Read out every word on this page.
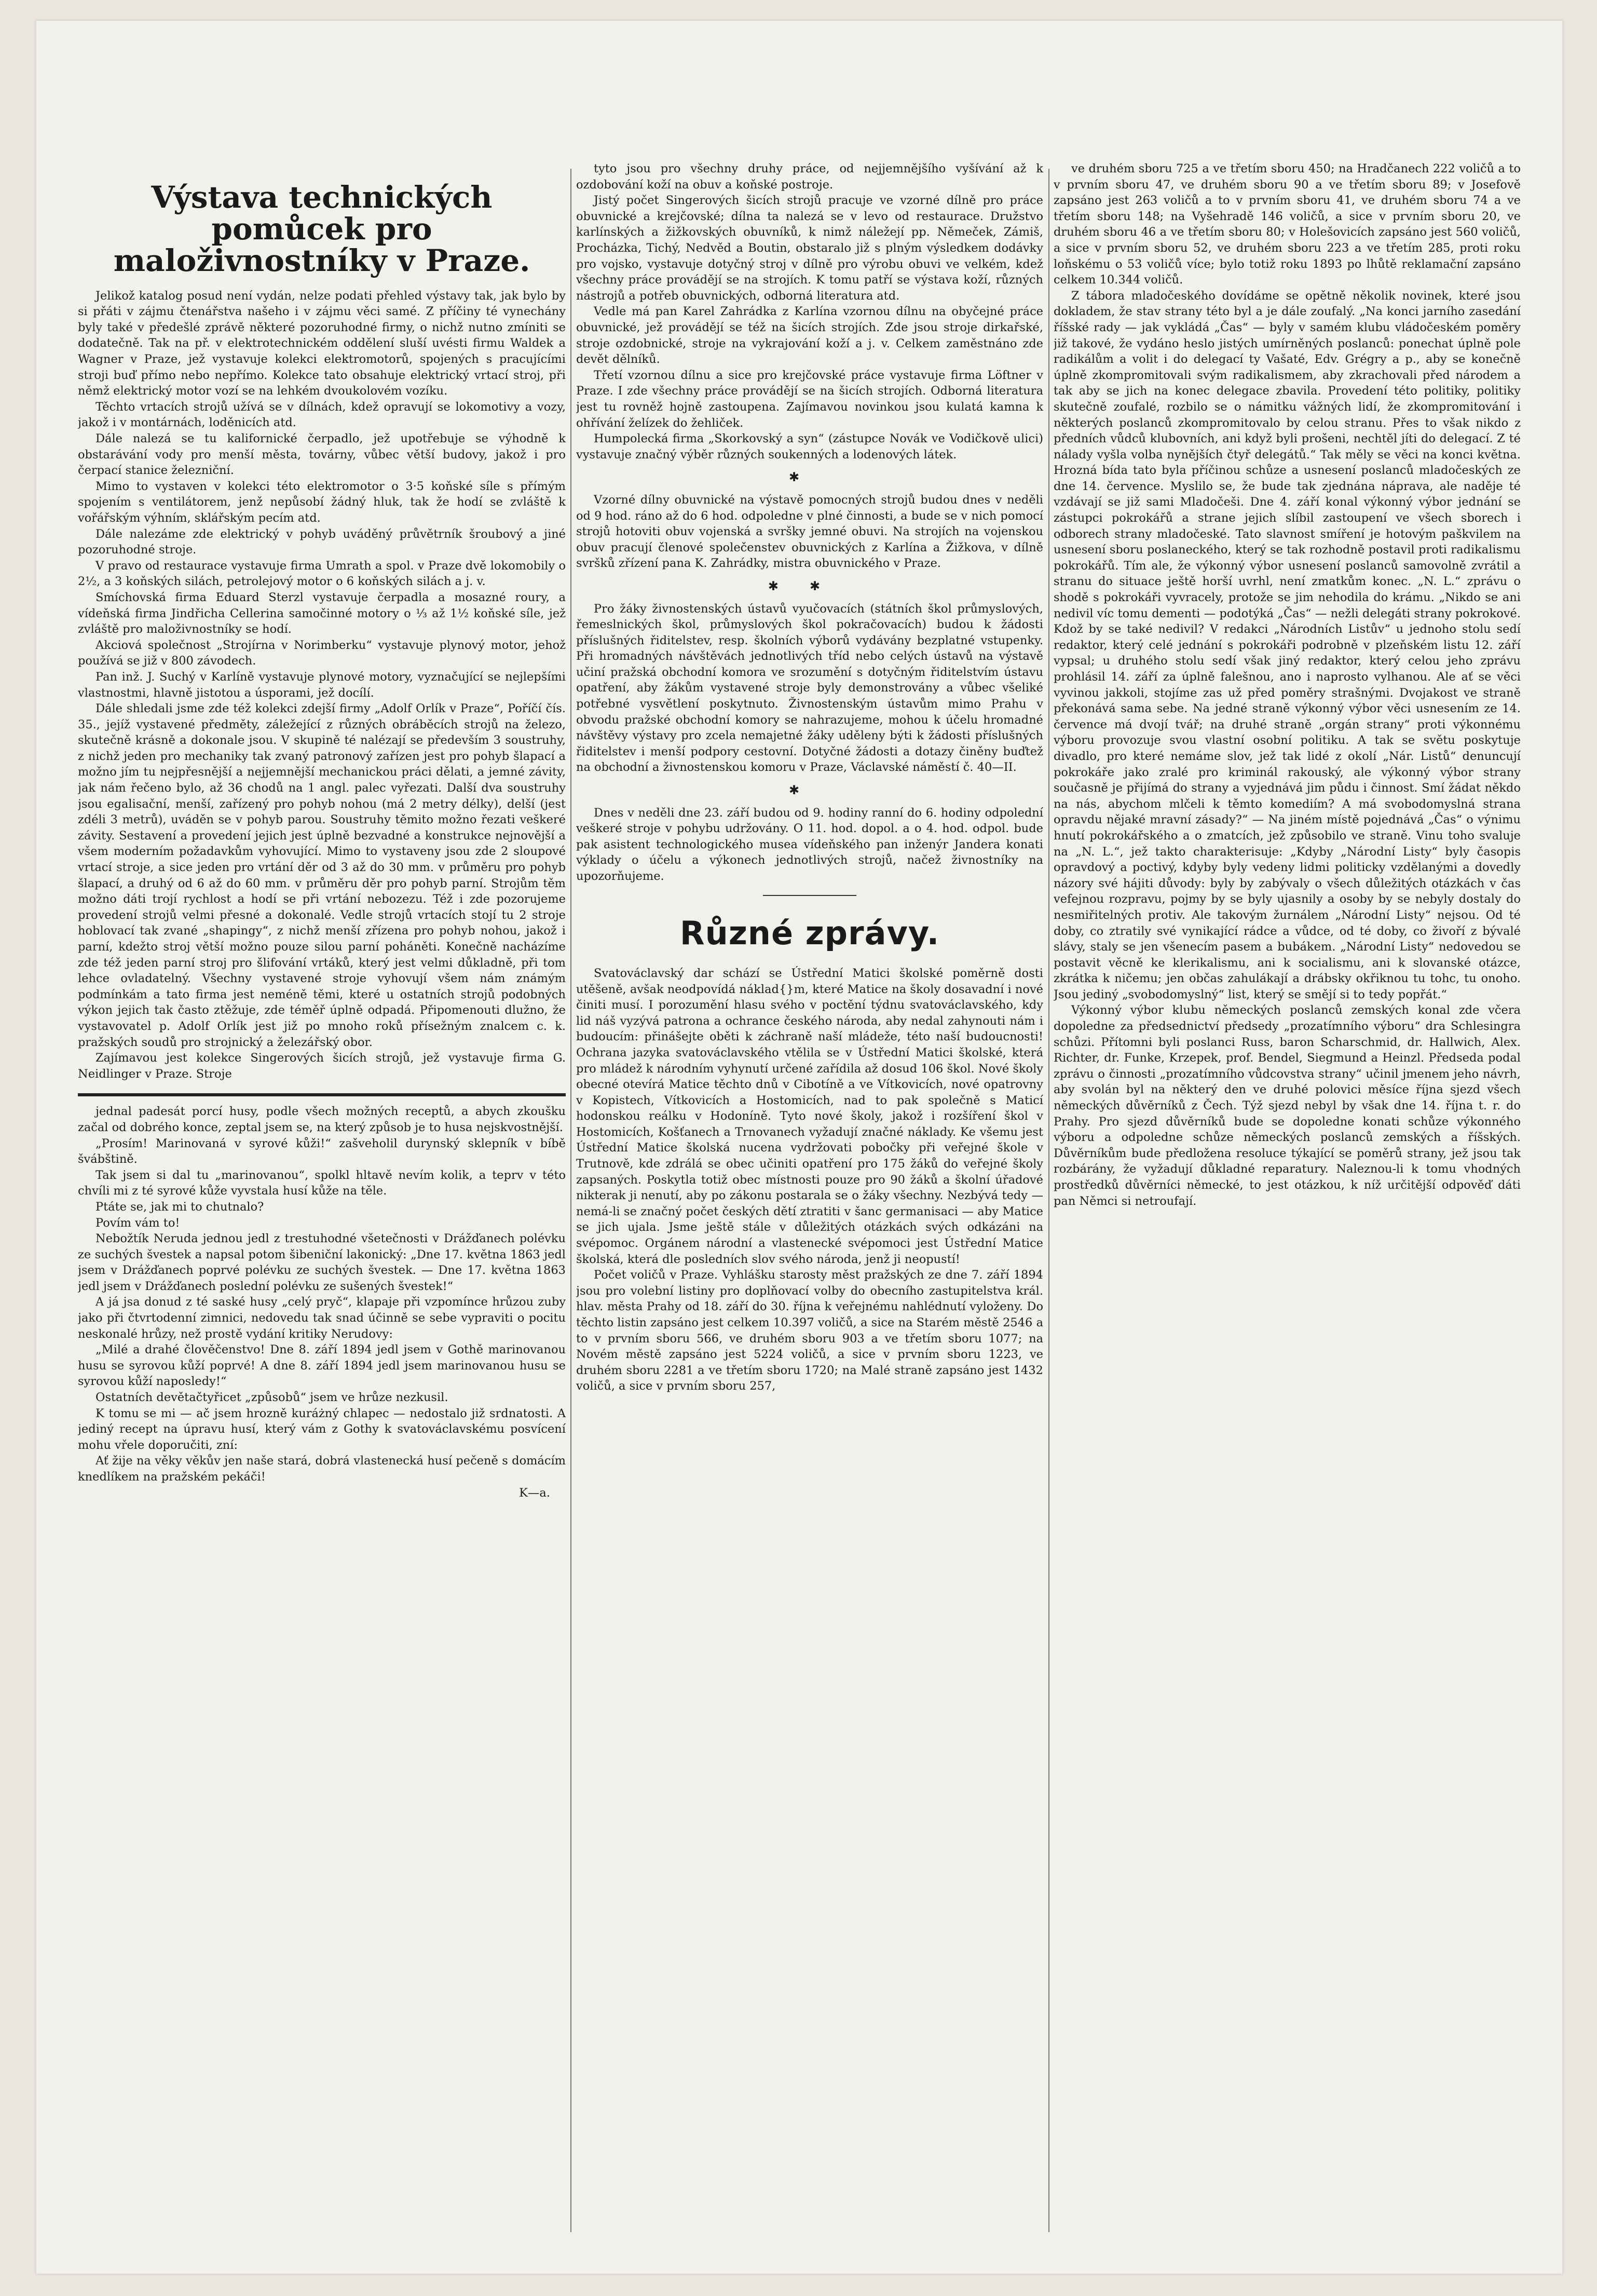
Výstava technických pomůcek pro maloživnostníky v Praze.

Jelikož katalog posud není vydán, nelze podati přehled výstavy tak, jak bylo by si přáti v zájmu čtenářstva našeho i v zájmu věci samé. Z příčiny té vynechány byly také v předešlé zprávě některé pozoruhodné firmy, o nichž nutno zmíniti se dodatečně. Tak na př. v elektrotechnickém oddělení sluší uvésti firmu Waldek a Wagner v Praze, jež vystavuje kolekci elektromotorů, spojených s pracujícími stroji buď přímo nebo nepřímo. Kolekce tato obsahuje elektrický vrtací stroj, při němž elektrický motor vozí se na lehkém dvoukolovém vozíku.

Těchto vrtacích strojů užívá se v dílnách, kdež opravují se lokomotivy a vozy, jakož i v montárnách, loděnicích atd.

Dále nalezá se tu kalifornické čerpadlo, jež upotřebuje se výhodně k obstarávání vody pro menší města, továrny, vůbec větší budovy, jakož i pro čerpací stanice železniční.

Mimo to vystaven v kolekci této elektromotor o 3·5 koňské síle s přímým spojením s ventilátorem, jenž nepůsobí žádný hluk, tak že hodí se zvláště k vořářským výhním, sklářským pecím atd.

Dále nalezáme zde elektrický v pohyb uváděný průvětrník šroubový a jiné pozoruhodné stroje.

V pravo od restaurace vystavuje firma Umrath a spol. v Praze dvě lokomobily o 2½, a 3 koňských silách, petrolejový motor o 6 koňských silách a j. v.

Smíchovská firma Eduard Sterzl vystavuje čerpadla a mosazné roury, a vídeňská firma Jindřicha Cellerina samočinné motory o ⅓ až 1½ koňské síle, jež zvláště pro maloživnostníky se hodí.

Akciová společnost „Strojírna v Norimberku“ vystavuje plynový motor, jehož používá se již v 800 závodech.

Pan inž. J. Suchý v Karlíně vystavuje plynové motory, vyznačující se nejlepšími vlastnostmi, hlavně jistotou a úsporami, jež docílí.

Dále shledali jsme zde též kolekci zdejší firmy „Adolf Orlík v Praze“, Poříčí čís. 35., jejíž vystavené předměty, záležející z různých obráběcích strojů na železo, skutečně krásně a dokonale jsou. V skupině té nalézají se především 3 soustruhy, z nichž jeden pro mechaniky tak zvaný patronový zařízen jest pro pohyb šlapací a možno jím tu nejpřesnější a nejjemnější mechanickou práci dělati, a jemné závity, jak nám řečeno bylo, až 36 chodů na 1 angl. palec vyřezati. Další dva soustruhy jsou egalisační, menší, zařízený pro pohyb nohou (má 2 metry délky), delší (jest zdéli 3 metrů), uváděn se v pohyb parou. Soustruhy těmito možno řezati veškeré závity. Sestavení a provedení jejich jest úplně bezvadné a konstrukce nejnovější a všem moderním požadavkům vyhovující. Mimo to vystaveny jsou zde 2 sloupové vrtací stroje, a sice jeden pro vrtání děr od 3 až do 30 mm. v průměru pro pohyb šlapací, a druhý od 6 až do 60 mm. v průměru děr pro pohyb parní. Strojům těm možno dáti trojí rychlost a hodí se při vrtání nebozezu. Též i zde pozorujeme provedení strojů velmi přesné a dokonalé. Vedle strojů vrtacích stojí tu 2 stroje hoblovací tak zvané „shapingy“, z nichž menší zřízena pro pohyb nohou, jakož i parní, kdežto stroj větší možno pouze silou parní poháněti. Konečně nacházíme zde též jeden parní stroj pro šlifování vrtáků, který jest velmi důkladně, při tom lehce ovladatelný. Všechny vystavené stroje vyhovují všem nám známým podmínkám a tato firma jest neméně těmi, které u ostatních strojů podobných výkon jejich tak často ztěžuje, zde téměř úplně odpadá. Připomenouti dlužno, že vystavovatel p. Adolf Orlík jest již po mnoho roků přísežným znalcem c. k. pražských soudů pro strojnický a železářský obor.

Zajímavou jest kolekce Singerových šicích strojů, jež vystavuje firma G. Neidlinger v Praze. Stroje

jednal padesát porcí husy, podle všech možných receptů, a abych zkoušku začal od dobrého konce, zeptal jsem se, na který způsob je to husa nejskvostnější.

„Prosím! Marinovaná v syrové kůži!“ zašveholil durynský sklepník v bíbě švábštině.

Tak jsem si dal tu „marinovanou“, spolkl hltavě nevím kolik, a teprv v této chvíli mi z té syrové kůže vyvstala husí kůže na těle.

Ptáte se, jak mi to chutnalo?

Povím vám to!

Nebožtík Neruda jednou jedl z trestuhodné všetečnosti v Drážďanech polévku ze suchých švestek a napsal potom šibeniční lakonický: „Dne 17. května 1863 jedl jsem v Drážďanech poprvé polévku ze suchých švestek. — Dne 17. května 1863 jedl jsem v Drážďanech poslední polévku ze sušených švestek!“

A já jsa donud z té saské husy „celý pryč“, klapaje při vzpomínce hrůzou zuby jako při čtvrtodenní zimnici, nedovedu tak snad účinně se sebe vypraviti o pocitu neskonalé hrůzy, než prostě vydání kritiky Nerudovy:

„Milé a drahé člověčenstvo! Dne 8. září 1894 jedl jsem v Gothě marinovanou husu se syrovou kůží poprvé! A dne 8. září 1894 jedl jsem marinovanou husu se syrovou kůží naposledy!“

Ostatních devětačtyřicet „způsobů“ jsem ve hrůze nezkusil.

K tomu se mi — ač jsem hrozně kuráżný chlapec — nedostalo již srdnatosti. A jediný recept na úpravu husí, který vám z Gothy k svatováclavskému posvícení mohu vřele doporučiti, zní:

Ať žije na věky věkův jen naše stará, dobrá vlastenecká husí pečeně s domácím knedlíkem na pražském pekáči!

K—a.

tyto jsou pro všechny druhy práce, od nejjemnějšího vyšívání až k ozdobování koží na obuv a koňské postroje.

Jistý počet Singerových šicích strojů pracuje ve vzorné dílně pro práce obuvnické a krejčovské; dílna ta nalezá se v levo od restaurace. Družstvo karlínských a žižkovských obuvníků, k nimž náležejí pp. Němeček, Zámiš, Procházka, Tichý, Nedvěd a Boutin, obstaralo již s plným výsledkem dodávky pro vojsko, vystavuje dotyčný stroj v dílně pro výrobu obuvi ve velkém, kdež všechny práce provádějí se na strojích. K tomu patří se výstava koží, různých nástrojů a potřeb obuvnických, odborná literatura atd.

Vedle má pan Karel Zahrádka z Karlína vzornou dílnu na obyčejné práce obuvnické, jež provádějí se též na šicích strojích. Zde jsou stroje dirkařské, stroje ozdobnické, stroje na vykrajování koží a j. v. Celkem zaměstnáno zde devět dělníků.

Třetí vzornou dílnu a sice pro krejčovské práce vystavuje firma Löftner v Praze. I zde všechny práce provádějí se na šicích strojích. Odborná literatura jest tu rovněž hojně zastoupena. Zajímavou novinkou jsou kulatá kamna k ohřívání želízek do žehliček.

Humpolecká firma „Skorkovský a syn“ (zástupce Novák ve Vodičkově ulici) vystavuje značný výběr různých soukenných a lodenových látek.

✱

Vzorné dílny obuvnické na výstavě pomocných strojů budou dnes v neděli od 9 hod. ráno až do 6 hod. odpoledne v plné činnosti, a bude se v nich pomocí strojů hotoviti obuv vojenská a svršky jemné obuvi. Na strojích na vojenskou obuv pracují členové společenstev obuvnických z Karlína a Žižkova, v dílně svršků zřízení pana K. Zahrádky, mistra obuvnického v Praze.

✱✱

Pro žáky živnostenských ústavů vyučovacích (státních škol průmyslových, řemeslnických škol, průmyslových škol pokračovacích) budou k žádosti příslušných řiditelstev, resp. školních výborů vydávány bezplatné vstupenky. Při hromadných návštěvách jednotlivých tříd nebo celých ústavů na výstavě učiní pražská obchodní komora ve srozumění s dotyčným řiditelstvím ústavu opatření, aby žákům vystavené stroje byly demonstrovány a vůbec všeliké potřebné vysvětlení poskytnuto. Živnostenským ústavům mimo Prahu v obvodu pražské obchodní komory se nahrazujeme, mohou k účelu hromadné návštěvy výstavy pro zcela nemajetné žáky uděleny býti k žádosti příslušných řiditelstev i menší podpory cestovní. Dotyčné žádosti a dotazy činěny buďtež na obchodní a živnostenskou komoru v Praze, Václavské náměstí č. 40—II.

✱

Dnes v neděli dne 23. září budou od 9. hodiny ranní do 6. hodiny odpolední veškeré stroje v pohybu udržovány. O 11. hod. dopol. a o 4. hod. odpol. bude pak asistent technologického musea vídeňského pan inženýr Jandera konati výklady o účelu a výkonech jednotlivých strojů, načež živnostníky na upozorňujeme.

Různé zprávy.

Svatováclavský dar schází se Ústřední Matici školské poměrně dosti utěšeně, avšak neodpovídá náklad{}m, které Matice na školy dosavadní i nové činiti musí. I porozumění hlasu svého v poctění týdnu svatováclavského, kdy lid náš vyzývá patrona a ochrance českého národa, aby nedal zahynouti nám i budoucím: přinášejte oběti k záchraně naší mládeže, této naší budoucnosti! Ochrana jazyka svatováclavského vtělila se v Ústřední Matici školské, která pro mládež k národním vyhynutí určené zařídila až dosud 106 škol. Nové školy obecné otevírá Matice těchto dnů v Cibotíně a ve Vítkovicích, nové opatrovny v Kopistech, Vítkovicích a Hostomicích, nad to pak společně s Maticí hodonskou reálku v Hodoníně. Tyto nové školy, jakož i rozšíření škol v Hostomicích, Košťanech a Trnovanech vyžadují značné náklady. Ke všemu jest Ústřední Matice školská nucena vydržovati pobočky při veřejné škole v Trutnově, kde zdrálá se obec učiniti opatření pro 175 žáků do veřejné školy zapsaných. Poskytla totiž obec místnosti pouze pro 90 žáků a školní úřadové nikterak ji nenutí, aby po zákonu postarala se o žáky všechny. Nezbývá tedy — nemá-li se značný počet českých dětí ztratiti v šanc germanisaci — aby Matice se jich ujala. Jsme ještě stále v důležitých otázkách svých odkázáni na svépomoc. Orgánem národní a vlastenecké svépomoci jest Ústřední Matice školská, která dle posledních slov svého národa, jenž ji neopustí!

Počet voličů v Praze. Vyhlášku starosty měst pražských ze dne 7. září 1894 jsou pro volební listiny pro doplňovací volby do obecního zastupitelstva král. hlav. města Prahy od 18. září do 30. října k veřejnému nahlédnutí vyloženy. Do těchto listin zapsáno jest celkem 10.397 voličů, a sice na Starém městě 2546 a to v prvním sboru 566, ve druhém sboru 903 a ve třetím sboru 1077; na Novém městě zapsáno jest 5224 voličů, a sice v prvním sboru 1223, ve druhém sboru 2281 a ve třetím sboru 1720; na Malé straně zapsáno jest 1432 voličů, a sice v prvním sboru 257,

ve druhém sboru 725 a ve třetím sboru 450; na Hradčanech 222 voličů a to v prvním sboru 47, ve druhém sboru 90 a ve třetím sboru 89; v Josefově zapsáno jest 263 voličů a to v prvním sboru 41, ve druhém sboru 74 a ve třetím sboru 148; na Vyšehradě 146 voličů, a sice v prvním sboru 20, ve druhém sboru 46 a ve třetím sboru 80; v Holešovicích zapsáno jest 560 voličů, a sice v prvním sboru 52, ve druhém sboru 223 a ve třetím 285, proti roku loňskému o 53 voličů více; bylo totiž roku 1893 po lhůtě reklamační zapsáno celkem 10.344 voličů.

Z tábora mladočeského dovídáme se opětně několik novinek, které jsou dokladem, že stav strany této byl a je dále zoufalý. „Na konci jarního zasedání říšské rady — jak vykládá „Čas“ — byly v samém klubu vládočeském poměry již takové, že vydáno heslo jistých umírněných poslanců: ponechat úplně pole radikálům a volit i do delegací ty Vašaté, Edv. Grégry a p., aby se konečně úplně zkompromitovali svým radikalismem, aby zkrachovali před národem a tak aby se jich na konec delegace zbavila. Provedení této politiky, politiky skutečně zoufalé, rozbilo se o námitku vážných lidí, že zkompromitování i některých poslanců zkompromitovalo by celou stranu. Přes to však nikdo z předních vůdců klubovních, ani když byli prošeni, nechtěl jíti do delegací. Z té nálady vyšla volba nynějších čtyř delegátů.“ Tak měly se věci na konci května. Hrozná bída tato byla příčinou schůze a usnesení poslanců mladočeských ze dne 14. července. Myslilo se, že bude tak zjednána náprava, ale naděje té vzdávají se již sami Mladočeši. Dne 4. září konal výkonný výbor jednání se zástupci pokrokářů a strane jejich slíbil zastoupení ve všech sborech i odborech strany mladočeské. Tato slavnost smíření je hotovým paškvilem na usnesení sboru poslaneckého, který se tak rozhodně postavil proti radikalismu pokrokářů. Tím ale, že výkonný výbor usnesení poslanců samovolně zvrátil a stranu do situace ještě horší uvrhl, není zmatkům konec. „N. L.“ zprávu o shodě s pokrokáři vyvracely, protože se jim nehodila do krámu. „Nikdo se ani nedivil víc tomu dementi — podotýká „Čas“ — nežli delegáti strany pokrokové. Kdož by se také nedivil? V redakci „Národních Listův“ u jednoho stolu sedí redaktor, který celé jednání s pokrokáři podrobně v plzeňském listu 12. září vypsal; u druhého stolu sedí však jiný redaktor, který celou jeho zprávu prohlásil 14. září za úplně falešnou, ano i naprosto vylhanou. Ale ať se věci vyvinou jakkoli, stojíme zas už před poměry strašnými. Dvojakost ve straně překonává sama sebe. Na jedné straně výkonný výbor věci usnesením ze 14. července má dvojí tvář; na druhé straně „orgán strany“ proti výkonnému výboru provozuje svou vlastní osobní politiku. A tak se světu poskytuje divadlo, pro které nemáme slov, jež tak lidé z okolí „Nár. Listů“ denuncují pokrokáře jako zralé pro kriminál rakouský, ale výkonný výbor strany současně je přijímá do strany a vyjednává jim půdu i činnost. Smí žádat někdo na nás, abychom mlčeli k těmto komediím? A má svobodomyslná strana opravdu nějaké mravní zásady?“ — Na jiném místě pojednává „Čas“ o výnimu hnutí pokrokářského a o zmatcích, jež způsobilo ve straně. Vinu toho svaluje na „N. L.“, jež takto charakterisuje: „Kdyby „Národní Listy“ byly časopis opravdový a poctivý, kdyby byly vedeny lidmi politicky vzdělanými a dovedly názory své hájiti důvody: byly by zabývaly o všech důležitých otázkách v čas vefejnou rozpravu, pojmy by se byly ujasnily a osoby by se nebyly dostaly do nesmiřitelných protiv. Ale takovým žurnálem „Národní Listy“ nejsou. Od té doby, co ztratily své vynikající rádce a vůdce, od té doby, co živoří z bývalé slávy, staly se jen všenecím pasem a bubákem. „Národní Listy“ nedovedou se postavit věcně ke klerikalismu, ani k socialismu, ani k slovanské otázce, zkrátka k ničemu; jen občas zahulákají a drábsky okřiknou tu tohc, tu onoho. Jsou jediný „svobodomyslný“ list, který se smějí si to tedy popřát.“

Výkonný výbor klubu německých poslanců zemských konal zde včera dopoledne za předsednictví předsedy „prozatímního výboru“ dra Schlesingra schůzi. Přítomni byli poslanci Russ, baron Scharschmid, dr. Hallwich, Alex. Richter, dr. Funke, Krzepek, prof. Bendel, Siegmund a Heinzl. Předseda podal zprávu o činnosti „prozatímního vůdcovstva strany“ učinil jmenem jeho návrh, aby svolán byl na některý den ve druhé polovici měsíce října sjezd všech německých důvěrníků z Čech. Týž sjezd nebyl by však dne 14. října t. r. do Prahy. Pro sjezd důvěrníků bude se dopoledne konati schůze výkonného výboru a odpoledne schůze německých poslanců zemských a říšských. Důvěrníkům bude předložena resoluce týkající se poměrů strany, jež jsou tak rozbárány, že vyžadují důkladné reparatury. Naleznou-li k tomu vhodných prostředků důvěrníci německé, to jest otázkou, k níž určitější odpověď dáti pan Němci si netroufají.
